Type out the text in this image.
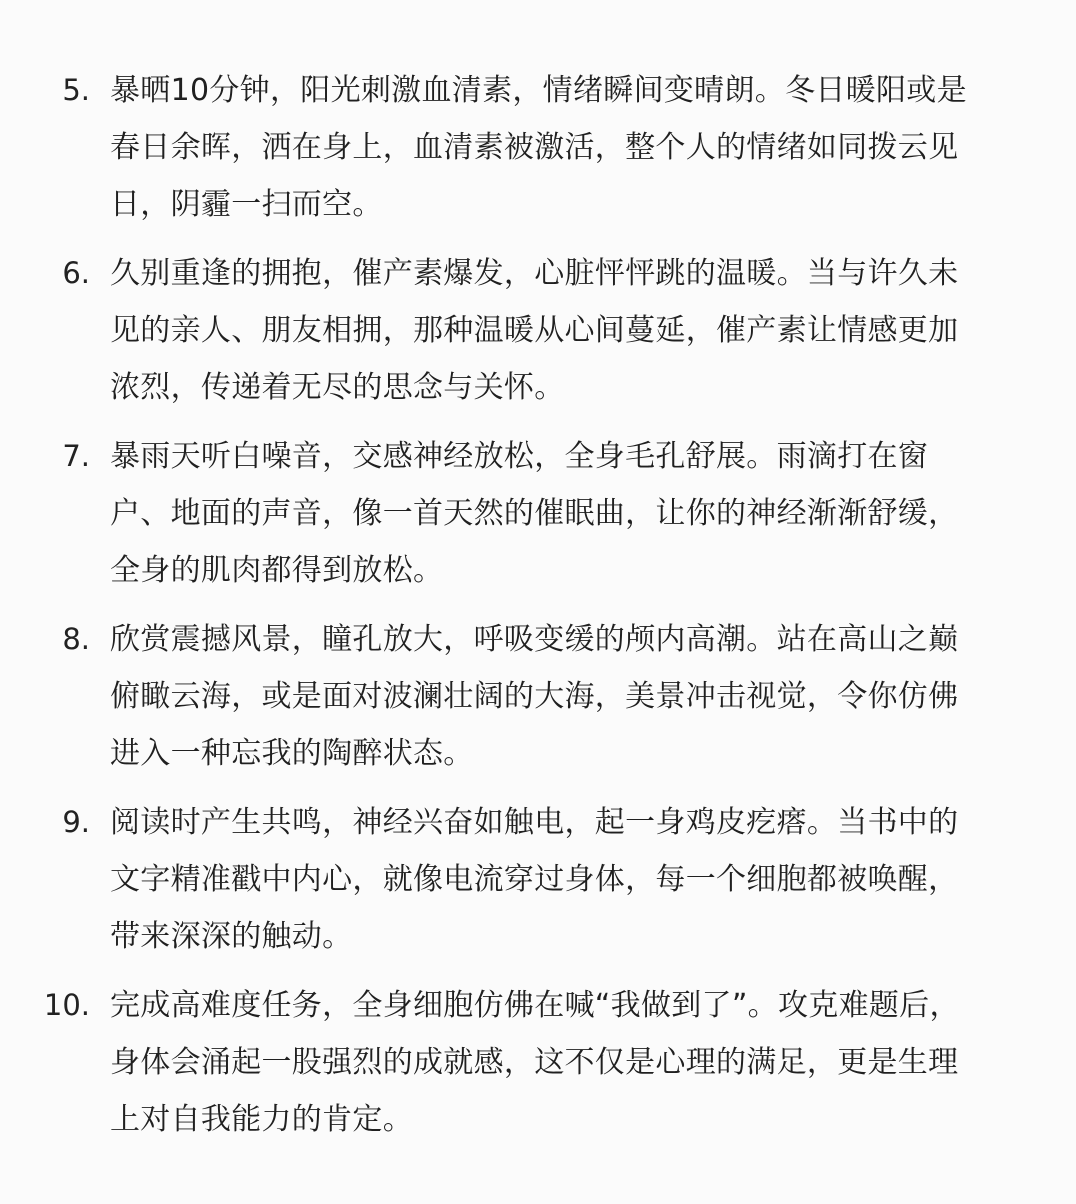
5. 暴晒10分钟，阳光刺激血清素，情绪瞬间变晴朗。冬日暖阳或是
春日余晖，洒在身上，血清素被激活，整个人的情绪如同拨云见
日，阴霾一扫而空。
6. 久别重逢的拥抱，催产素爆发，心脏怦怦跳的温暖。当与许久未
见的亲人、朋友相拥，那种温暖从心间蔓延，催产素让情感更加
浓烈，传递着无尽的思念与关怀。
7. 暴雨天听白噪音，交感神经放松，全身毛孔舒展。雨滴打在窗
户、地面的声音，像一首天然的催眠曲，让你的神经渐渐舒缓，
全身的肌肉都得到放松。
8. 欣赏震撼风景，瞳孔放大，呼吸变缓的颅内高潮。站在高山之巅
俯瞰云海，或是面对波澜壮阔的大海，美景冲击视觉，令你仿佛
进入一种忘我的陶醉状态。
9. 阅读时产生共鸣，神经兴奋如触电，起一身鸡皮疙瘩。当书中的
文字精准戳中内心，就像电流穿过身体，每一个细胞都被唤醒，
带来深深的触动。
10. 完成高难度任务，全身细胞仿佛在喊“我做到了”。攻克难题后，
身体会涌起一股强烈的成就感，这不仅是心理的满足，更是生理
上对自我能力的肯定。
